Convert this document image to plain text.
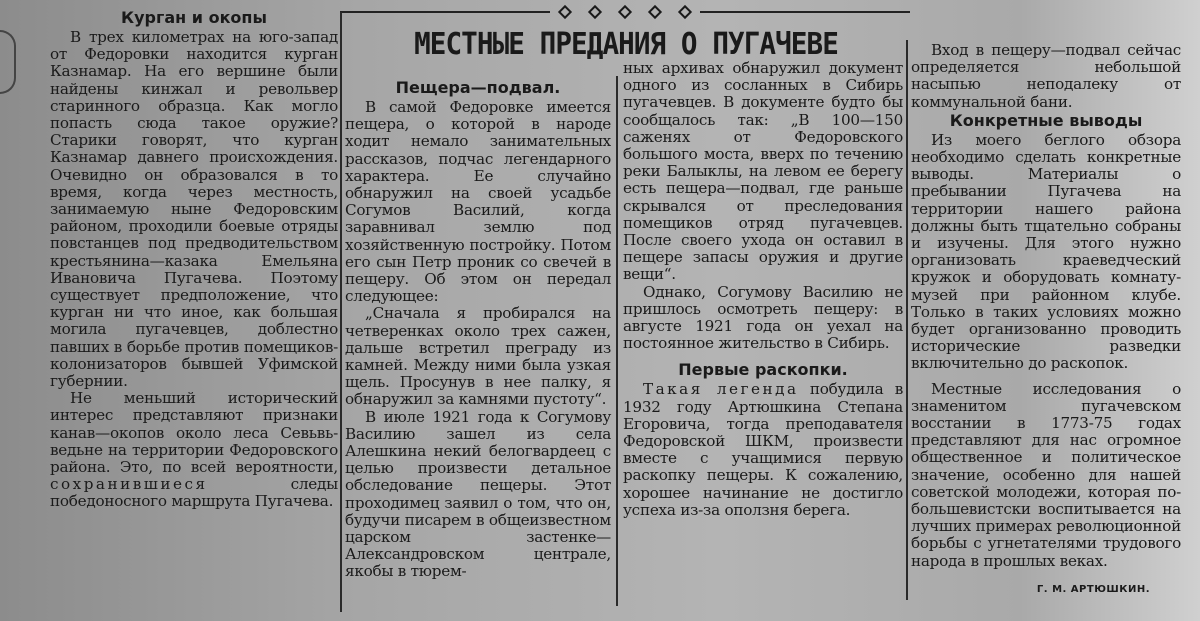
МЕСТНЫЕ ПРЕДАНИЯ О ПУГАЧЕВЕ
Курган и окопы

В трех километрах на юго-запад от Федоровки находится курган Казнамар. На его вершине были найдены кинжал и револьвер старинного образца. Как могло попасть сюда такое оружие? Старики говорят, что курган Казнамар давнего происхождения. Очевидно он образовался в то время, когда через местность, занимаемую ныне Федоровским районом, проходили боевые отряды повстанцев под предводительством крестьянина—казака Емельяна Ивановича Пугачева. Поэтому существует предположение, что курган ни что иное, как большая могила пугачевцев, доблестно павших в борьбе против помещиков-колонизаторов бывшей Уфимской губернии.

Не меньший исторический интерес представляют признаки канав—окопов около леса Севьвь-ведьне на территории Федоровского района. Это, по всей вероятности, сохранившиеся	следы победоносного маршрута Пугачева.

Пещера—подвал.

В самой Федоровке имеется пещера, о которой в народе ходит немало занимательных рассказов, подчас легендарного характера. Ее случайно обнаружил на своей усадьбе Согумов Василий, когда заравнивал землю под хозяйственную постройку. Потом его сын Петр проник со свечей в пещеру. Об этом он передал следующее:

„Сначала я пробирался на четверенках около трех сажен, дальше встретил преграду из камней. Между ними была узкая щель. Просунув в нее палку, я обнаружил за камнями пустоту“.

В июле 1921 года к Согумову Василию зашел из села Алешкина некий белогвардеец с целью произвести детальное обследование пещеры. Этот проходимец заявил о том, что он, будучи писарем в общеизвестном царском застенке—Александровском централе, якобы в тюрем-

ных архивах обнаружил документ одного из сосланных в Сибирь пугачевцев. В документе будто бы сообщалось так: „В 100—150 саженях от Федоровского большого моста, вверх по течению реки Балыклы, на левом ее берегу есть пещера—подвал, где раньше скрывался от преследования помещиков отряд пугачевцев. После своего ухода он оставил в пещере запасы оружия и другие вещи“.

Однако, Согумову Василию не пришлось осмотреть пещеру: в августе 1921 года он уехал на постоянное жительство в Сибирь.

Первые раскопки.

Такая легенда побудила в 1932 году Артюшкина Степана Егоровича, тогда преподавателя Федоровской ШКМ, произвести вместе с учащимися первую раскопку пещеры. К сожалению, хорошее начинание не достигло успеха из-за оползня берега.

Вход в пещеру—подвал сейчас определяется небольшой насыпью неподалеку от коммунальной бани.

Конкретные выводы

Из моего беглого обзора необходимо сделать конкретные выводы. Материалы о пребывании Пугачева на территории нашего района должны быть тщательно собраны и изучены. Для этого нужно организовать краеведческий кружок и оборудовать комнату-музей при районном клубе. Только в таких условиях можно будет организованно проводить исторические разведки включительно до раскопок.

Местные исследования о знаменитом пугачевском восстании в 1773-75 годах представляют для нас огромное общественное и политическое значение, особенно для нашей советской молодежи, которая по-большевистски воспитывается на лучших примерах революционной борьбы с угнетателями трудового народа в прошлых веках.

Г. М. АРТЮШКИН.
